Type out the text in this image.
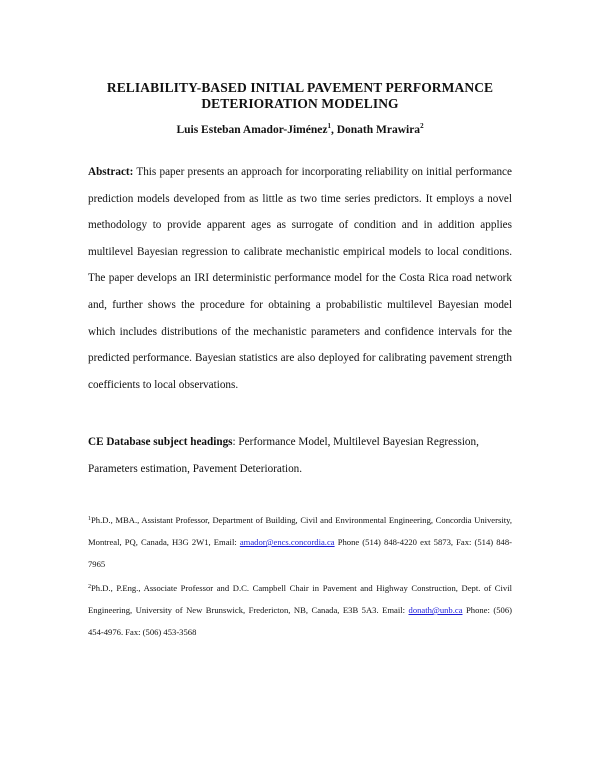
RELIABILITY-BASED INITIAL PAVEMENT PERFORMANCE
DETERIORATION MODELING
Luis Esteban Amador-Jiménez$^1$, Donath Mrawira$^2$
Abstract: This paper presents an approach for incorporating reliability on initial performance prediction models developed from as little as two time series predictors. It employs a novel methodology to provide apparent ages as surrogate of condition and in addition applies multilevel Bayesian regression to calibrate mechanistic empirical models to local conditions. The paper develops an IRI deterministic performance model for the Costa Rica road network and, further shows the procedure for obtaining a probabilistic multilevel Bayesian model which includes distributions of the mechanistic parameters and confidence intervals for the predicted performance. Bayesian statistics are also deployed for calibrating pavement strength coefficients to local observations.
CE Database subject headings: Performance Model, Multilevel Bayesian Regression, Parameters estimation, Pavement Deterioration.
$^1$Ph.D., MBA., Assistant Professor, Department of Building, Civil and Environmental Engineering, Concordia University, Montreal, PQ, Canada, H3G 2W1, Email: amador@encs.concordia.ca Phone (514) 848-4220 ext 5873, Fax: (514) 848-7965
$^2$Ph.D., P.Eng., Associate Professor and D.C. Campbell Chair in Pavement and Highway Construction, Dept. of Civil Engineering, University of New Brunswick, Fredericton, NB, Canada, E3B 5A3. Email: donath@unb.ca Phone: (506) 454-4976. Fax: (506) 453-3568
